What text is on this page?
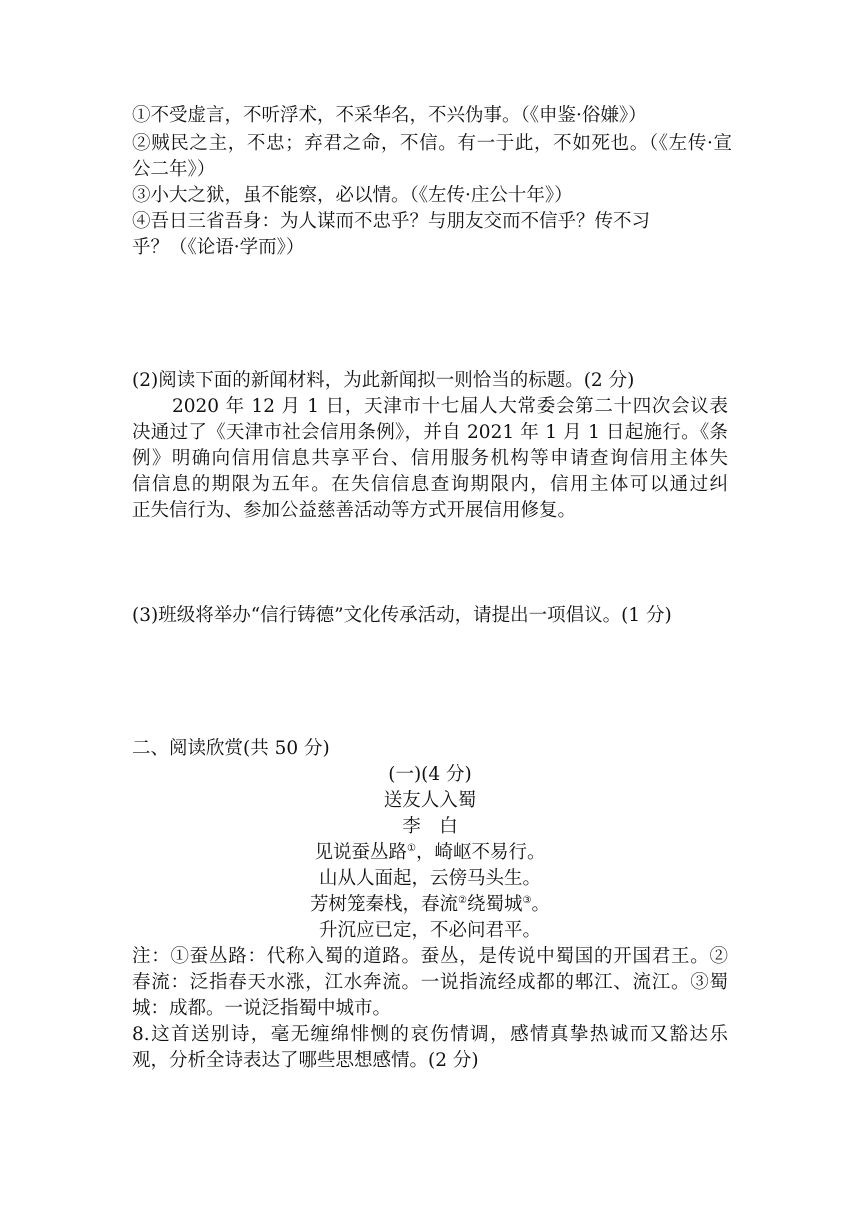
①不受虚言，不听浮术，不采华名，不兴伪事。（《申鉴·俗嫌》）
②贼民之主，不忠；弃君之命，不信。有一于此，不如死也。（《左传·宣
公二年》）
③小大之狱，虽不能察，必以情。（《左传·庄公十年》）
④吾日三省吾身：为人谋而不忠乎？与朋友交而不信乎？传不习
乎？（《论语·学而》）
(2)阅读下面的新闻材料，为此新闻拟一则恰当的标题。(2 分)
2020 年 12 月 1 日，天津市十七届人大常委会第二十四次会议表
决通过了《天津市社会信用条例》，并自 2021 年 1 月 1 日起施行。《条
例》明确向信用信息共享平台、信用服务机构等申请查询信用主体失
信信息的期限为五年。在失信信息查询期限内，信用主体可以通过纠
正失信行为、参加公益慈善活动等方式开展信用修复。
(3)班级将举办“信行铸德”文化传承活动，请提出一项倡议。(1 分)
二、阅读欣赏(共 50 分)
(一)(4 分)
送友人入蜀
李　白
见说蚕丛路①，崎岖不易行。
山从人面起，云傍马头生。
芳树笼秦栈，春流②绕蜀城③。
升沉应已定，不必问君平。
注：①蚕丛路：代称入蜀的道路。蚕丛，是传说中蜀国的开国君王。②
春流：泛指春天水涨，江水奔流。一说指流经成都的郫江、流江。③蜀
城：成都。一说泛指蜀中城市。
8.这首送别诗，毫无缠绵悱恻的哀伤情调，感情真挚热诚而又豁达乐
观，分析全诗表达了哪些思想感情。(2 分)
